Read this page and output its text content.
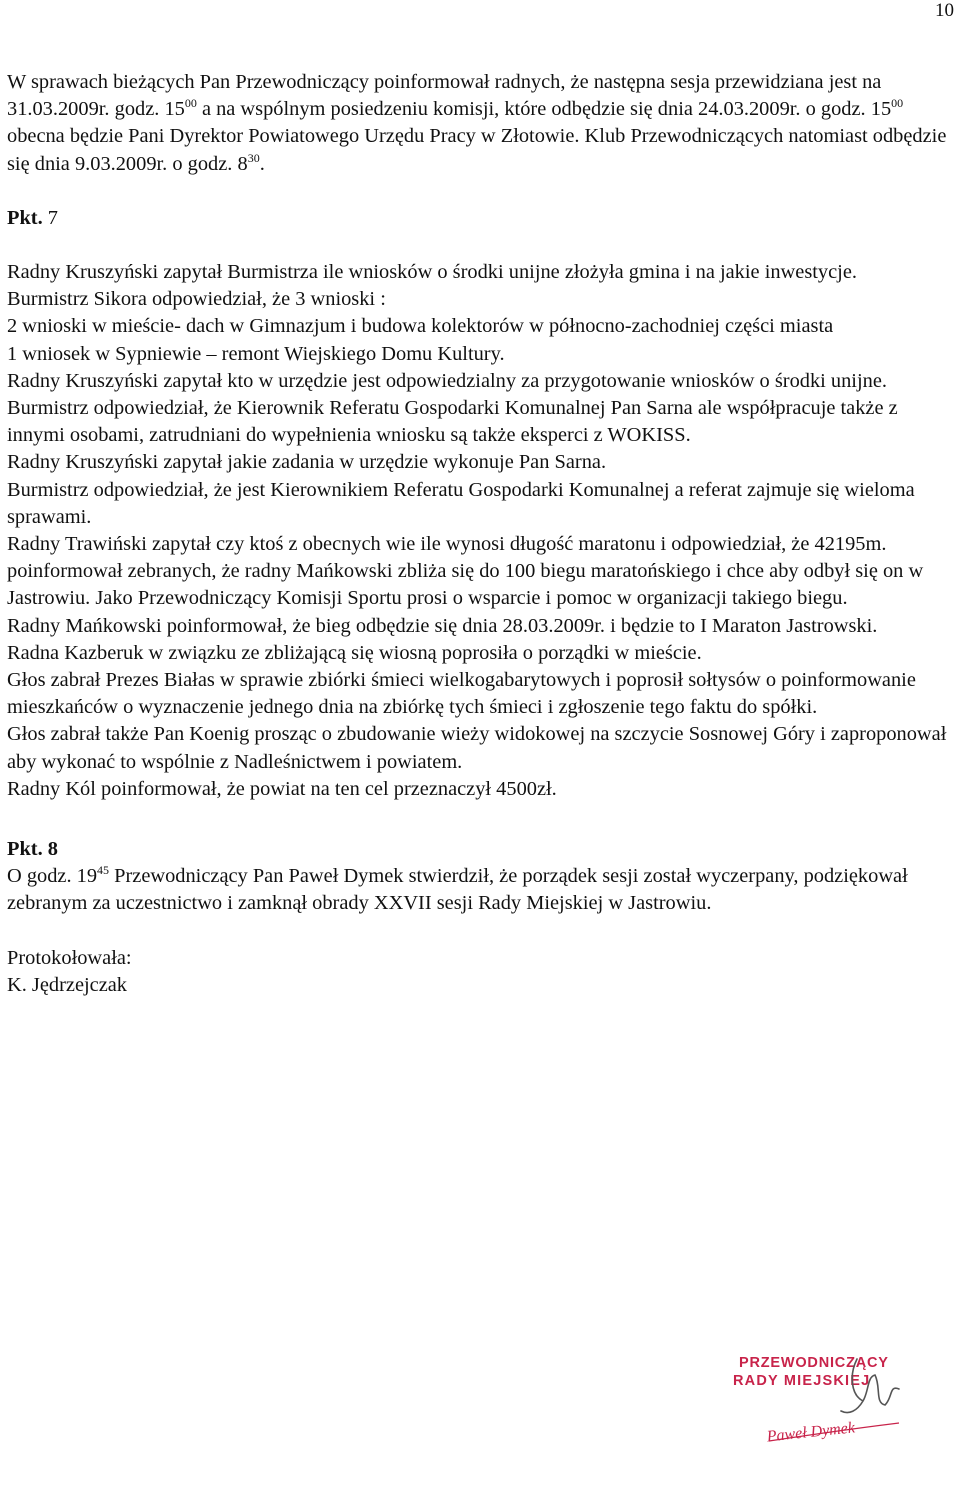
10

W sprawach bieżących Pan Przewodniczący poinformował radnych, że następna sesja przewidziana jest na 31.03.2009r. godz. $15^{00}$ a na wspólnym posiedzeniu komisji, które odbędzie się dnia 24.03.2009r. o godz. $15^{00}$ obecna będzie Pani Dyrektor Powiatowego Urzędu Pracy w Złotowie. Klub Przewodniczących natomiast odbędzie się dnia 9.03.2009r. o godz. $8^{30}$.

Pkt. 7

Radny Kruszyński zapytał Burmistrza ile wniosków o środki unijne złożyła gmina i na jakie inwestycje.

Burmistrz Sikora odpowiedział, że 3 wnioski :

2 wnioski w mieście- dach w Gimnazjum i budowa kolektorów w północno-zachodniej części miasta

1 wniosek w Sypniewie – remont Wiejskiego Domu Kultury.

Radny Kruszyński zapytał kto w urzędzie jest odpowiedzialny za przygotowanie wniosków o środki unijne.

Burmistrz odpowiedział, że Kierownik Referatu Gospodarki Komunalnej Pan Sarna ale współpracuje także z innymi osobami, zatrudniani do wypełnienia wniosku są także eksperci z WOKISS.

Radny Kruszyński zapytał jakie zadania w urzędzie wykonuje Pan Sarna.

Burmistrz odpowiedział, że jest Kierownikiem Referatu Gospodarki Komunalnej a referat zajmuje się wieloma sprawami.

Radny Trawiński zapytał czy ktoś z obecnych wie ile wynosi długość maratonu i odpowiedział, że 42195m. poinformował zebranych, że radny Mańkowski zbliża się do 100 biegu maratońskiego i chce aby odbył się on w Jastrowiu. Jako Przewodniczący Komisji Sportu prosi o wsparcie i pomoc w organizacji takiego biegu.

Radny Mańkowski poinformował, że bieg odbędzie się dnia 28.03.2009r. i będzie to I Maraton Jastrowski.

Radna Kazberuk w związku ze zbliżającą się wiosną poprosiła o porządki w mieście.

Głos zabrał Prezes Białas w sprawie zbiórki śmieci wielkogabarytowych i poprosił sołtysów o poinformowanie mieszkańców o wyznaczenie jednego dnia na zbiórkę tych śmieci i zgłoszenie tego faktu do spółki.

Głos zabrał także Pan Koenig prosząc o zbudowanie wieży widokowej na szczycie Sosnowej Góry i zaproponował aby wykonać to wspólnie z Nadleśnictwem i powiatem.

Radny Kól poinformował, że powiat na ten cel przeznaczył 4500zł.

Pkt. 8

O godz. $19^{45}$ Przewodniczący Pan Paweł Dymek stwierdził, że porządek sesji został wyczerpany, podziękował zebranym za uczestnictwo i zamknął obrady XXVII sesji Rady Miejskiej w Jastrowiu.

Protokołowała:

K. Jędrzejczak

PRZEWODNICZĄCY
RADY MIEJSKIEJ
Paweł Dymek
